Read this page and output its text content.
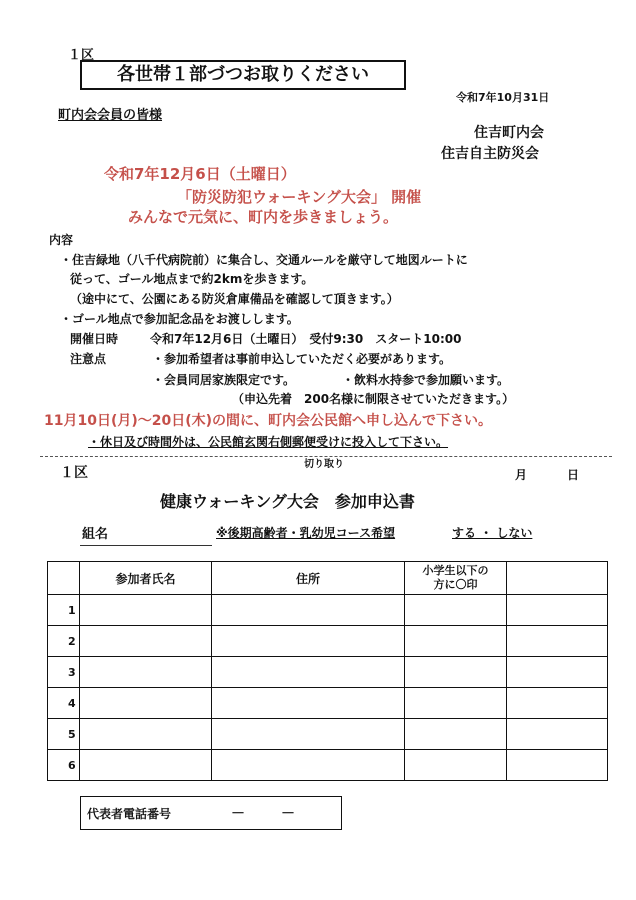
１区
各世帯１部づつお取りください
令和7年10月31日
町内会会員の皆様
住吉町内会
住吉自主防災会
令和7年12月6日（土曜日）
「防災防犯ウォーキング大会」 開催
みんなで元気に、町内を歩きましょう。
内容
・住吉緑地（八千代病院前）に集合し、交通ルールを厳守して地図ルートに
従って、ゴール地点まで約2kmを歩きます。
（途中にて、公園にある防災倉庫備品を確認して頂きます。）
・ゴール地点で参加記念品をお渡しします。
開催日時	令和7年12月6日（土曜日）　受付9:30　スタート10:00
注意点	・参加希望者は事前申込していただく必要があります。
・会員同居家族限定です。	・飲料水持参で参加願います。
（申込先着　200名様に制限させていただきます。）
11月10日(月)～20日(木)の間に、町内会公民館へ申し込んで下さい。
・休日及び時間外は、公民館玄関右側郵便受けに投入して下さい。
１区
切り取り
月	日
健康ウォーキング大会　参加申込書
組名	※後期高齢者・乳幼児コース希望	する ・ しない
	参加者氏名	住所	小学生以下の
方に〇印	
1				
2				
3				
4				
5				
6				
代表者電話番号	－	－
